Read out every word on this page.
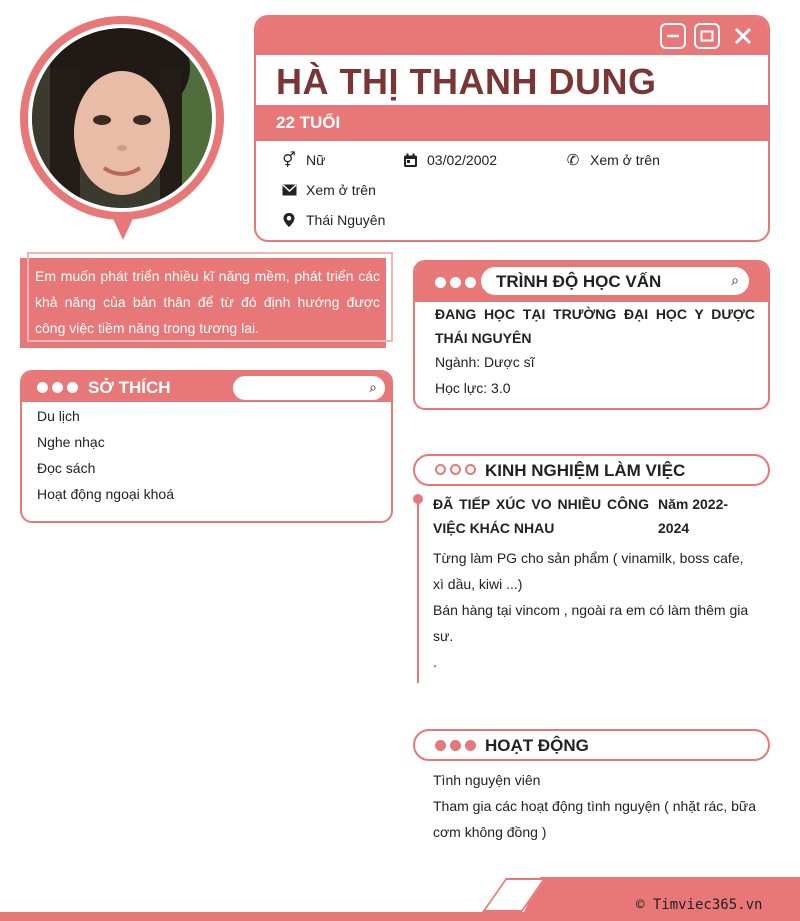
HÀ THỊ THANH DUNG
22 TUỔI
⚥ Nữ	03/02/2002	✆ Xem ở trên
Xem ở trên
Thái Nguyên
Em muốn phát triển nhiều kĩ năng mềm, phát triển các khả năng của bản thân để từ đó định hướng được công việc tiềm năng trong tương lai.
SỞ THÍCH	⌕
Du lịch
Nghe nhạc
Đọc sách
Hoạt động ngoại khoá
TRÌNH ĐỘ HỌC VẤN	⌕
ĐANG HỌC TẠI TRƯỜNG ĐẠI HỌC Y DƯỢC THÁI NGUYÊN
Ngành: Dược sĩ
Học lực: 3.0
KINH NGHIỆM LÀM VIỆC
ĐÃ TIẾP XÚC VO NHIỀU CÔNG VIỆC KHÁC NHAU
Năm 2022-2024
Từng làm PG cho sản phẩm ( vinamilk, boss cafe, xì dầu, kiwi ...)
Bán hàng tại vincom , ngoài ra em có làm thêm gia sư.
.
HOẠT ĐỘNG
Tình nguyện viên
Tham gia các hoạt động tình nguyện ( nhặt rác, bữa cơm không đồng )
© Timviec365.vn
